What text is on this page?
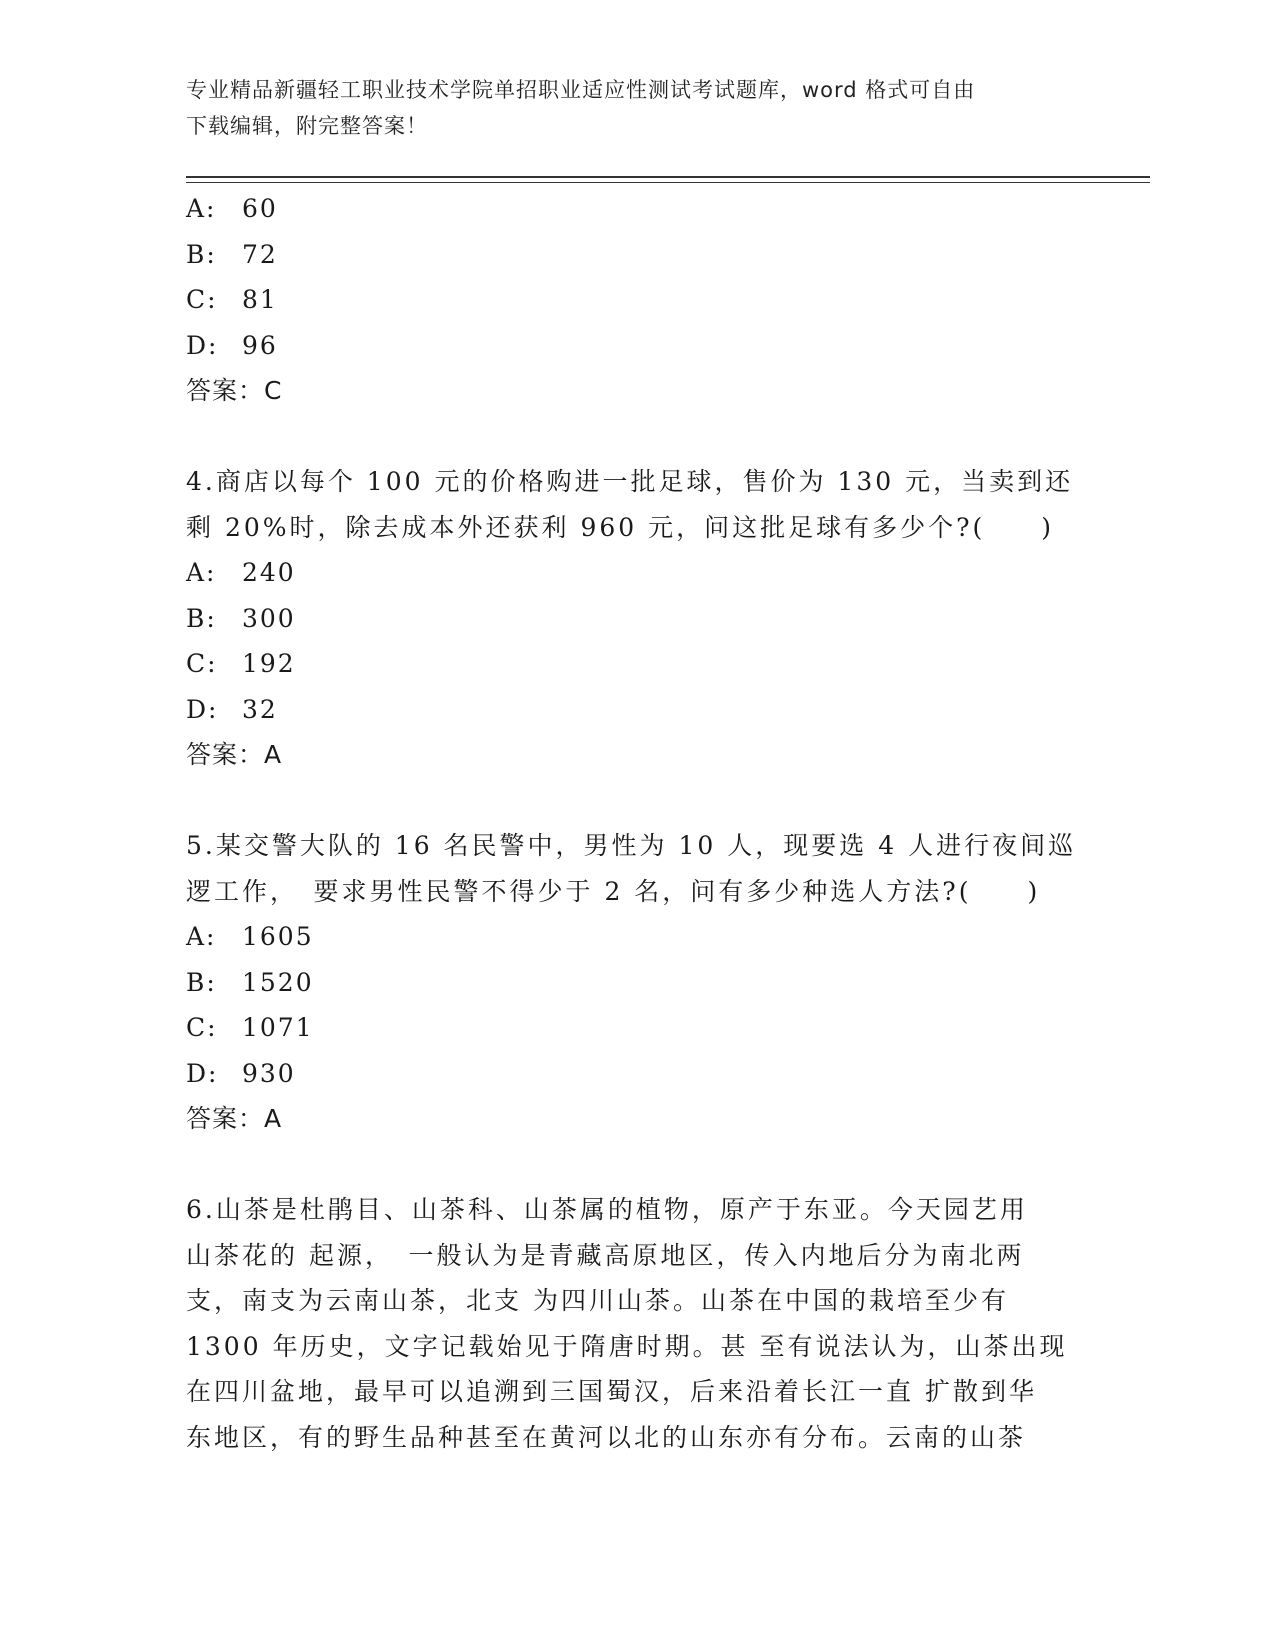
专业精品新疆轻工职业技术学院单招职业适应性测试考试题库，word 格式可自由
下载编辑，附完整答案！
A: 60
B: 72
C: 81
D: 96
答案：C
4.商店以每个 100 元的价格购进一批足球，售价为 130 元，当卖到还
剩 20%时，除去成本外还获利 960 元，问这批足球有多少个?(　　)
A: 240
B: 300
C: 192
D: 32
答案：A
5.某交警大队的 16 名民警中，男性为 10 人，现要选 4 人进行夜间巡
逻工作，　要求男性民警不得少于 2 名，问有多少种选人方法?(　　)
A: 1605
B: 1520
C: 1071
D: 930
答案：A
6.山茶是杜鹃目、山茶科、山茶属的植物，原产于东亚。今天园艺用
山茶花的 起源，　一般认为是青藏高原地区，传入内地后分为南北两
支，南支为云南山茶，北支 为四川山茶。山茶在中国的栽培至少有
1300 年历史，文字记载始见于隋唐时期。甚 至有说法认为，山茶出现
在四川盆地，最早可以追溯到三国蜀汉，后来沿着长江一直 扩散到华
东地区，有的野生品种甚至在黄河以北的山东亦有分布。云南的山茶
